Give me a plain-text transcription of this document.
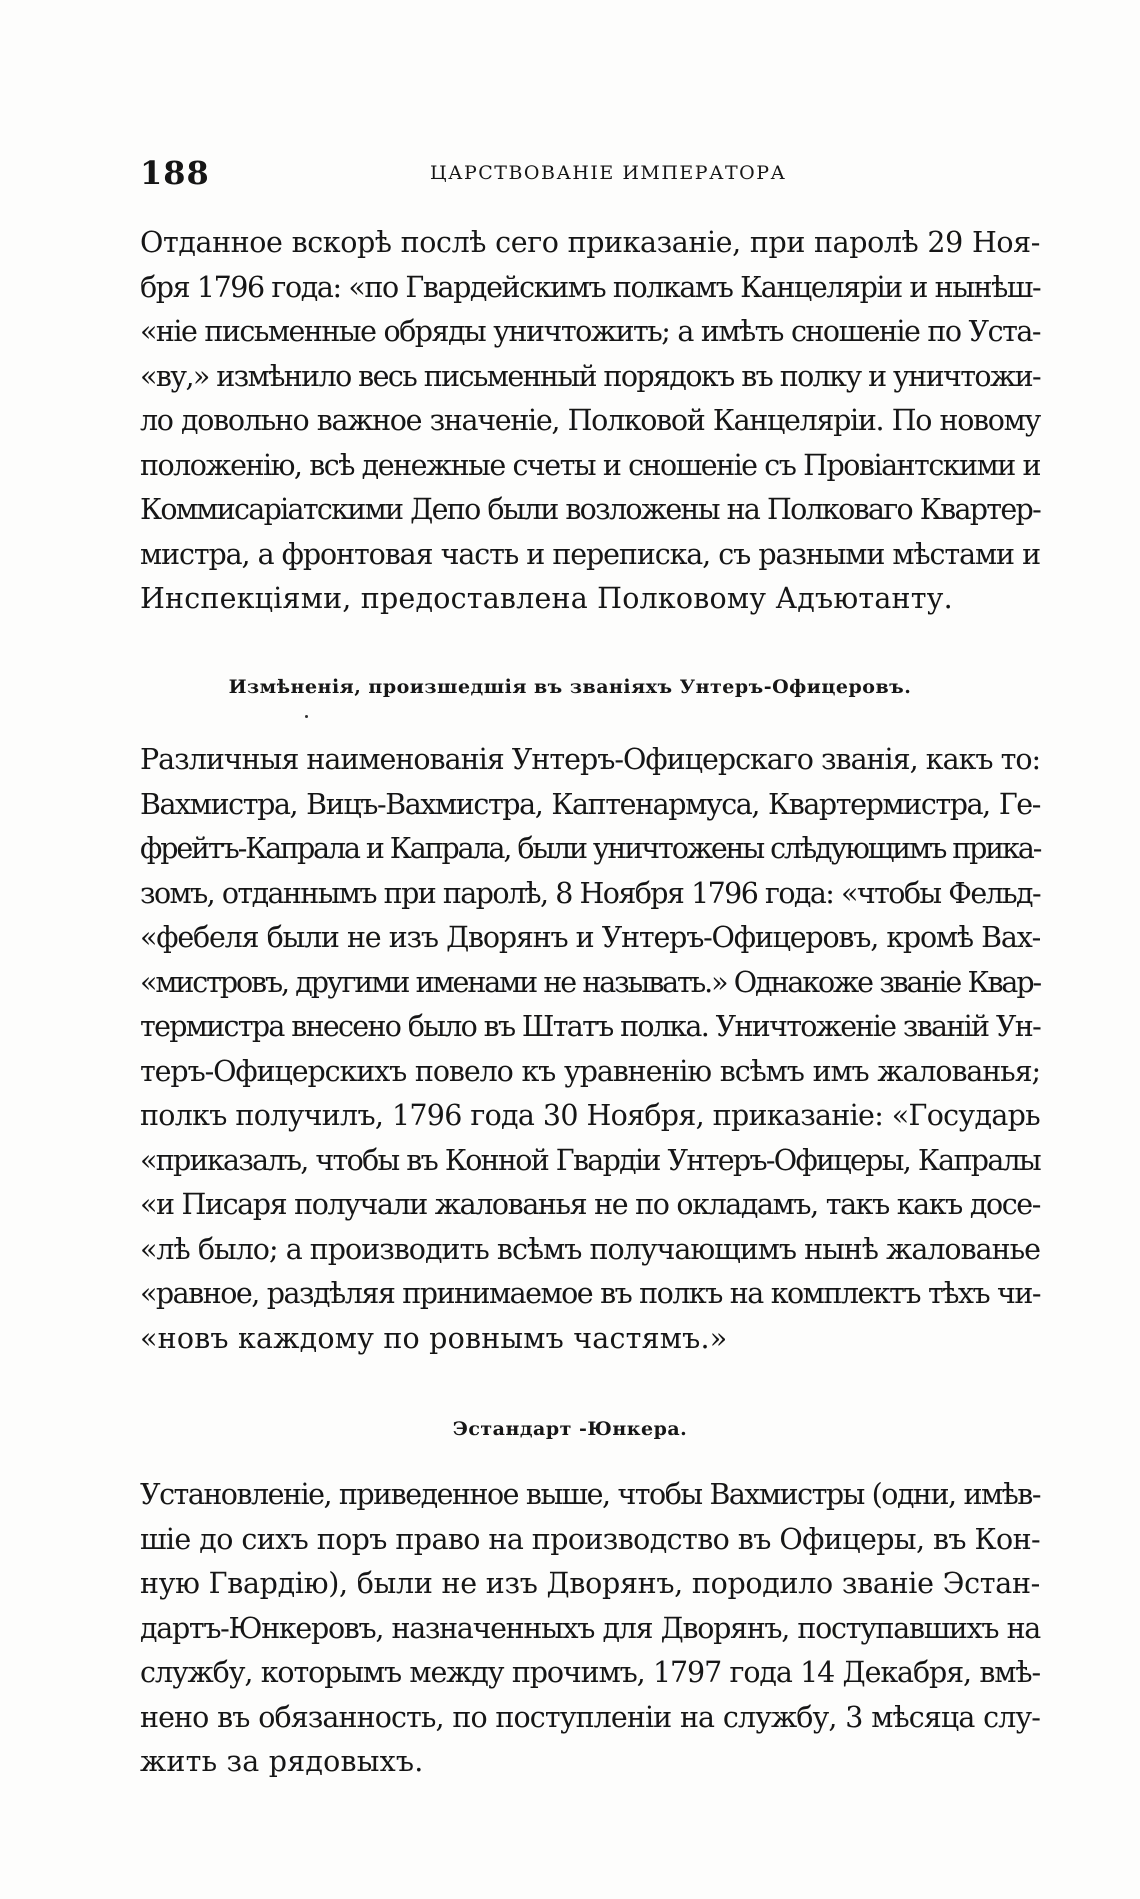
188	ЦАРСТВОВАНІЕ ИМПЕРАТОРА
Отданное вскорѣ послѣ сего приказаніе, при паролѣ 29 Ноя-
бря 1796 года: «по Гвардейскимъ полкамъ Канцеляріи и нынѣш-
«ніе письменные обряды уничтожить; а имѣть сношеніе по Уста-
«ву,» измѣнило весь письменный порядокъ въ полку и уничтожи-
ло довольно важное значеніе, Полковой Канцеляріи. По новому
положенію, всѣ денежные счеты и сношеніе съ Провіантскими и
Коммисаріатскими Депо были возложены на Полковаго Квартер-
мистра, а фронтовая часть и переписка, съ разными мѣстами и
Инспекціями, предоставлена Полковому Адъютанту.
Измѣненія, произшедшія въ званіяхъ Унтеръ-Офицеровъ.
Различныя наименованія Унтеръ-Офицерскаго званія, какъ то:
Вахмистра, Вицъ-Вахмистра, Каптенармуса, Квартермистра, Ге-
фрейтъ-Капрала и Капрала, были уничтожены слѣдующимъ прика-
зомъ, отданнымъ при паролѣ, 8 Ноября 1796 года: «чтобы Фельд-
«фебеля были не изъ Дворянъ и Унтеръ-Офицеровъ, кромѣ Вах-
«мистровъ, другими именами не называть.» Однакоже званіе Квар-
термистра внесено было въ Штатъ полка. Уничтоженіе званій Ун-
теръ-Офицерскихъ повело къ уравненію всѣмъ имъ жалованья;
полкъ получилъ, 1796 года 30 Ноября, приказаніе: «Государь
«приказалъ, чтобы въ Конной Гвардіи Унтеръ-Офицеры, Капралы
«и Писаря получали жалованья не по окладамъ, такъ какъ досе-
«лѣ было; а производить всѣмъ получающимъ нынѣ жалованье
«равное, раздѣляя принимаемое въ полкъ на комплектъ тѣхъ чи-
«новъ каждому по ровнымъ частямъ.»
Эстандарт -Юнкера.
Установленіе, приведенное выше, чтобы Вахмистры (одни, имѣв-
шіе до сихъ поръ право на производство въ Офицеры, въ Кон-
ную Гвардію), были не изъ Дворянъ, породило званіе Эстан-
дартъ-Юнкеровъ, назначенныхъ для Дворянъ, поступавшихъ на
службу, которымъ между прочимъ, 1797 года 14 Декабря, вмѣ-
нено въ обязанность, по поступленіи на службу, 3 мѣсяца слу-
жить за рядовыхъ.
